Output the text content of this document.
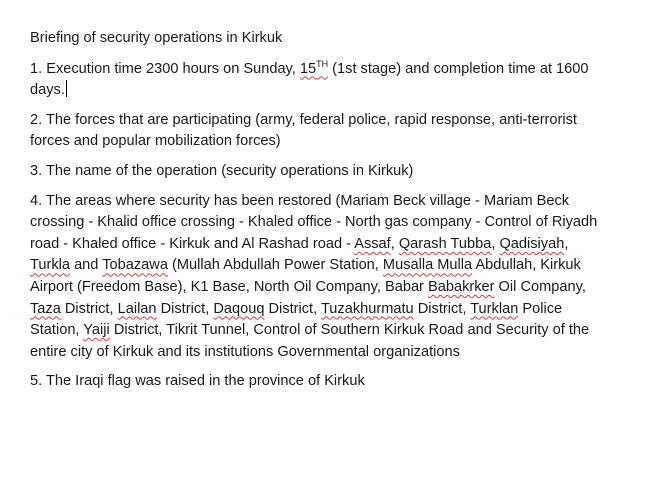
Briefing of security operations in Kirkuk

1. Execution time 2300 hours on Sunday, 15TH (1st stage) and completion time at 1600 days.

2. The forces that are participating (army, federal police, rapid response, anti-terrorist forces and popular mobilization forces)

3. The name of the operation (security operations in Kirkuk)

4. The areas where security has been restored (Mariam Beck village - Mariam Beck crossing - Khalid office crossing - Khaled office - North gas company - Control of Riyadh road - Khaled office - Kirkuk and Al Rashad road - Assaf, Qarash Tubba, Qadisiyah, Turkla and Tobazawa (Mullah Abdullah Power Station, Musalla Mulla Abdullah, Kirkuk Airport (Freedom Base), K1 Base, North Oil Company, Babar Babakrker Oil Company, Taza District, Lailan District, Daqouq District, Tuzakhurmatu District, Turklan Police Station, Yaiji District, Tikrit Tunnel, Control of Southern Kirkuk Road and Security of the entire city of Kirkuk and its institutions Governmental organizations

5. The Iraqi flag was raised in the province of Kirkuk
